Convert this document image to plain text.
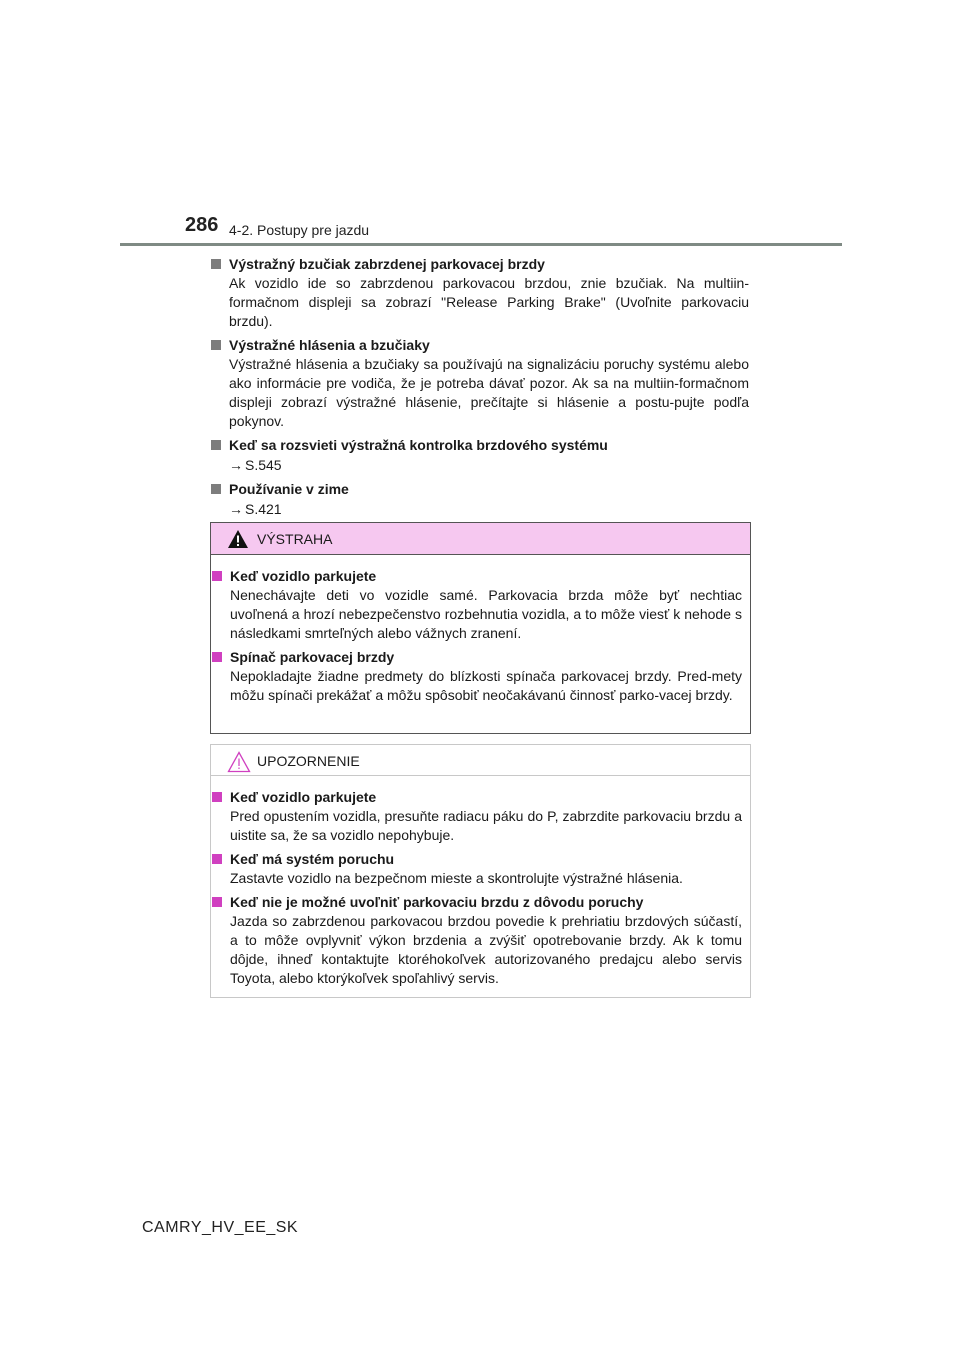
286 4-2. Postupy pre jazdu
Výstražný bzučiak zabrzdenej parkovacej brzdy
Ak vozidlo ide so zabrzdenou parkovacou brzdou, znie bzučiak. Na multiin-formačnom displeji sa zobrazí "Release Parking Brake" (Uvoľnite parkovaciu brzdu).
Výstražné hlásenia a bzučiaky
Výstražné hlásenia a bzučiaky sa používajú na signalizáciu poruchy systému alebo ako informácie pre vodiča, že je potreba dávať pozor. Ak sa na multiin-formačnom displeji zobrazí výstražné hlásenie, prečítajte si hlásenie a postu-pujte podľa pokynov.
Keď sa rozsvieti výstražná kontrolka brzdového systému
→ S.545
Používanie v zime
→ S.421
VÝSTRAHA
Keď vozidlo parkujete
Nenechávajte deti vo vozidle samé. Parkovacia brzda môže byť nechtiac uvoľnená a hrozí nebezpečenstvo rozbehnutia vozidla, a to môže viesť k nehode s následkami smrteľných alebo vážnych zranení.
Spínač parkovacej brzdy
Nepokladajte žiadne predmety do blízkosti spínača parkovacej brzdy. Pred-mety môžu spínači prekážať a môžu spôsobiť neočakávanú činnosť parko-vacej brzdy.
UPOZORNENIE
Keď vozidlo parkujete
Pred opustením vozidla, presuňte radiacu páku do P, zabrzdite parkovaciu brzdu a uistite sa, že sa vozidlo nepohybuje.
Keď má systém poruchu
Zastavte vozidlo na bezpečnom mieste a skontrolujte výstražné hlásenia.
Keď nie je možné uvoľniť parkovaciu brzdu z dôvodu poruchy
Jazda so zabrzdenou parkovacou brzdou povedie k prehriatiu brzdových súčastí, a to môže ovplyvniť výkon brzdenia a zvýšiť opotrebovanie brzdy. Ak k tomu dôjde, ihneď kontaktujte ktoréhokoľvek autorizovaného predajcu alebo servis Toyota, alebo ktorýkoľvek spoľahlivý servis.
CAMRY_HV_EE_SK
